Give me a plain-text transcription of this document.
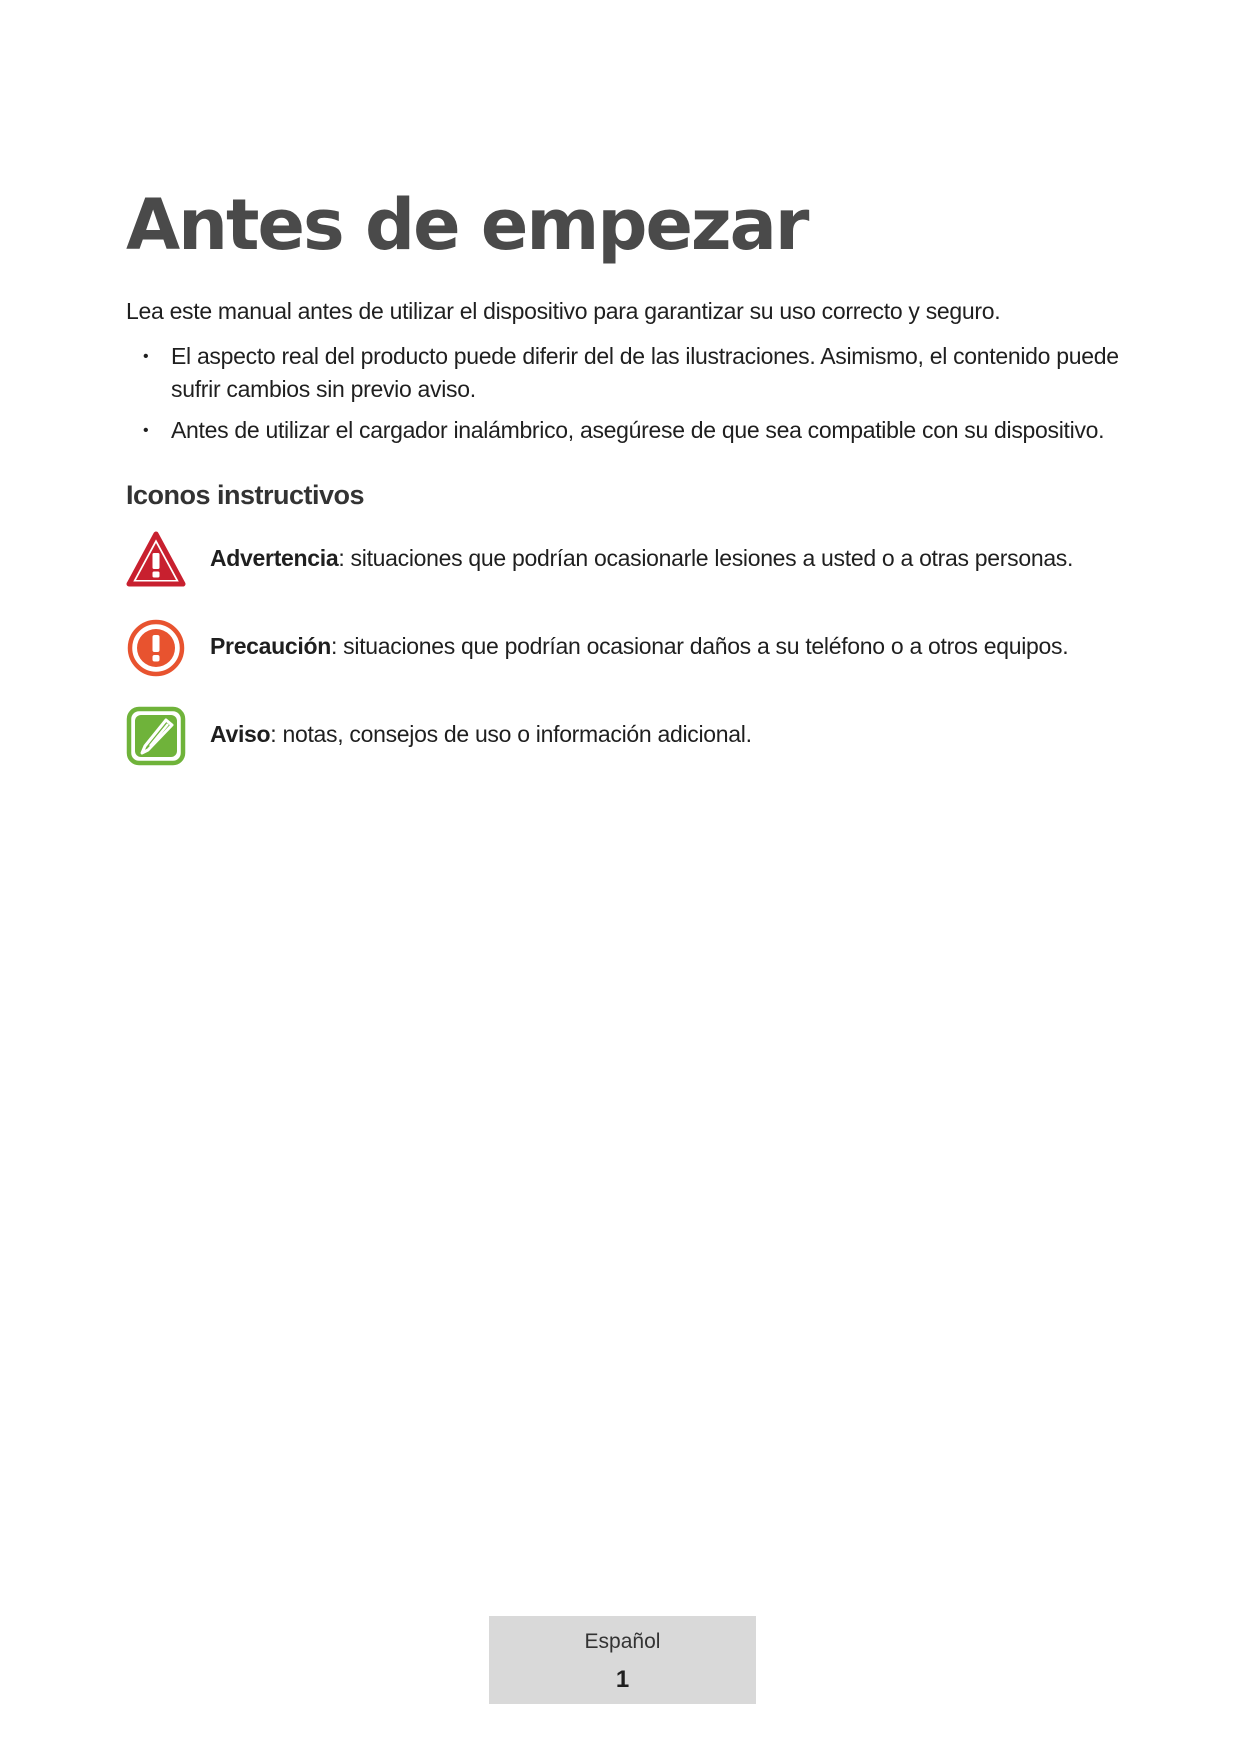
Antes de empezar

Lea este manual antes de utilizar el dispositivo para garantizar su uso correcto y seguro.

• El aspecto real del producto puede diferir del de las ilustraciones. Asimismo, el contenido puede sufrir cambios sin previo aviso.
• Antes de utilizar el cargador inalámbrico, asegúrese de que sea compatible con su dispositivo.
Iconos instructivos
Advertencia: situaciones que podrían ocasionarle lesiones a usted o a otras personas.
Precaución: situaciones que podrían ocasionar daños a su teléfono o a otros equipos.
Aviso: notas, consejos de uso o información adicional.
Español
1
